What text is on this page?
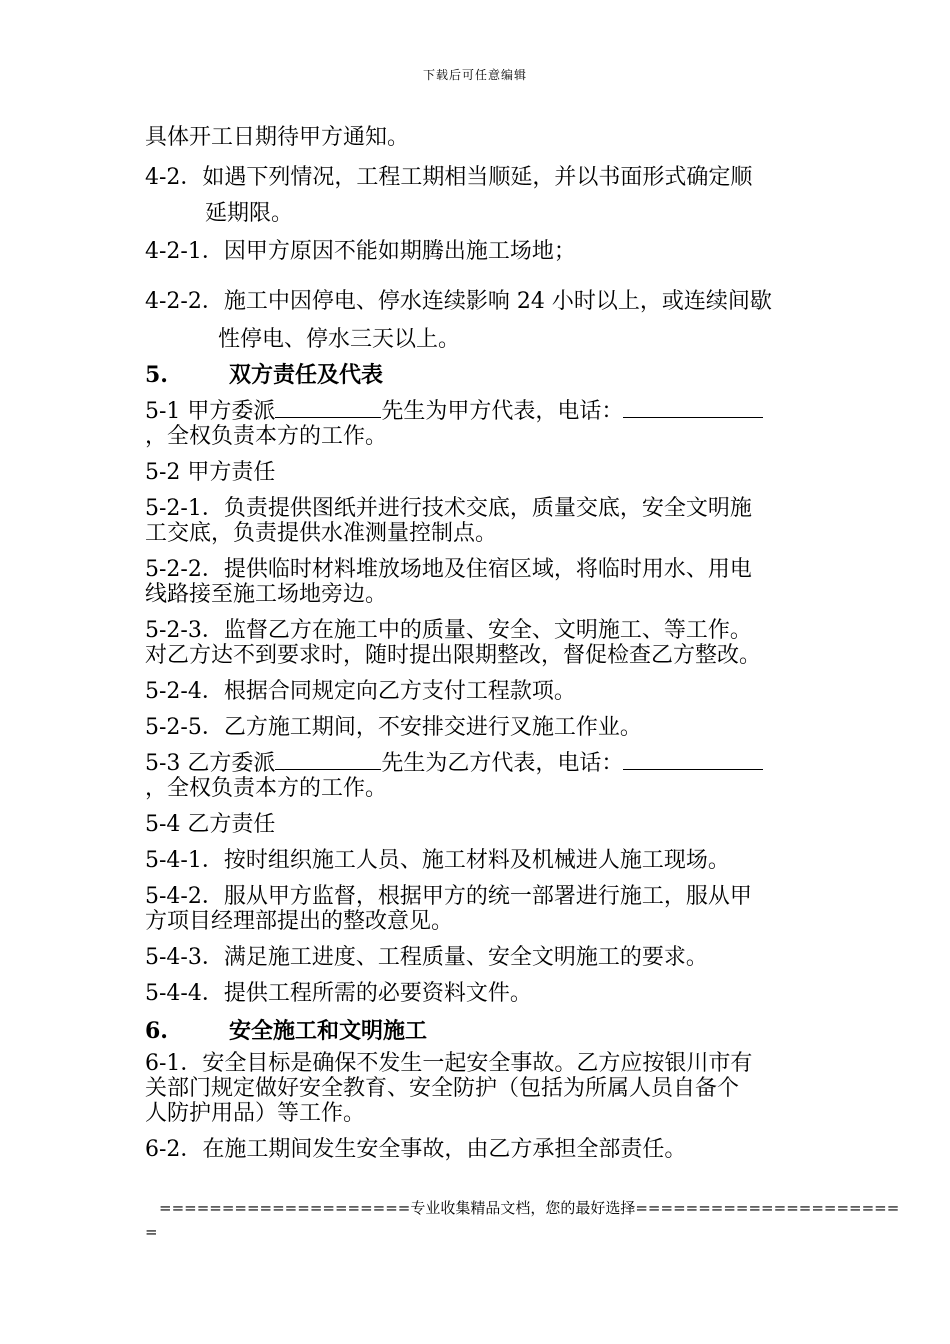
下载后可任意编辑
具体开工日期待甲方通知。
4-2．如遇下列情况，工程工期相当顺延，并以书面形式确定顺
延期限。
4-2-1．因甲方原因不能如期腾出施工场地；
4-2-2．施工中因停电、停水连续影响 24 小时以上，或连续间歇
性停电、停水三天以上。
5.	双方责任及代表
5-1 甲方委派	先生为甲方代表，电话：
，全权负责本方的工作。
5-2 甲方责任
5-2-1．负责提供图纸并进行技术交底，质量交底，安全文明施
工交底，负责提供水准测量控制点。
5-2-2．提供临时材料堆放场地及住宿区域，将临时用水、用电
线路接至施工场地旁边。
5-2-3．监督乙方在施工中的质量、安全、文明施工、等工作。
对乙方达不到要求时，随时提出限期整改，督促检查乙方整改。
5-2-4．根据合同规定向乙方支付工程款项。
5-2-5．乙方施工期间，不安排交进行叉施工作业。
5-3 乙方委派	先生为乙方代表，电话：
，全权负责本方的工作。
5-4 乙方责任
5-4-1．按时组织施工人员、施工材料及机械进人施工现场。
5-4-2．服从甲方监督，根据甲方的统一部署进行施工，服从甲
方项目经理部提出的整改意见。
5-4-3．满足施工进度、工程质量、安全文明施工的要求。
5-4-4．提供工程所需的必要资料文件。
6.	安全施工和文明施工
6-1．安全目标是确保不发生一起安全事故。乙方应按银川市有
关部门规定做好安全教育、安全防护（包括为所属人员自备个
人防护用品）等工作。
6-2．在施工期间发生安全事故，由乙方承担全部责任。
====================专业收集精品文档，您的最好选择=====================
=
